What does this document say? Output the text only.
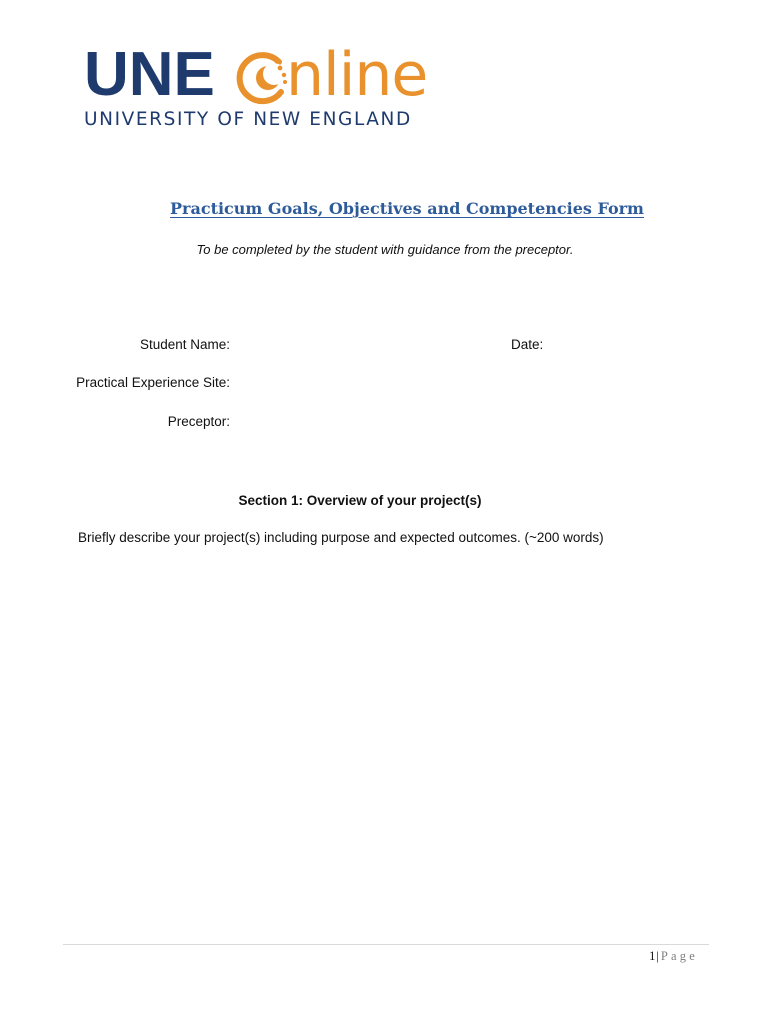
UNE nline
UNIVERSITY OF NEW ENGLAND
Practicum Goals, Objectives and Competencies Form
To be completed by the student with guidance from the preceptor.
Student Name:	Date:
Practical Experience Site:
Preceptor:
Section 1: Overview of your project(s)
Briefly describe your project(s) including purpose and expected outcomes. (~200 words)
1| Page
